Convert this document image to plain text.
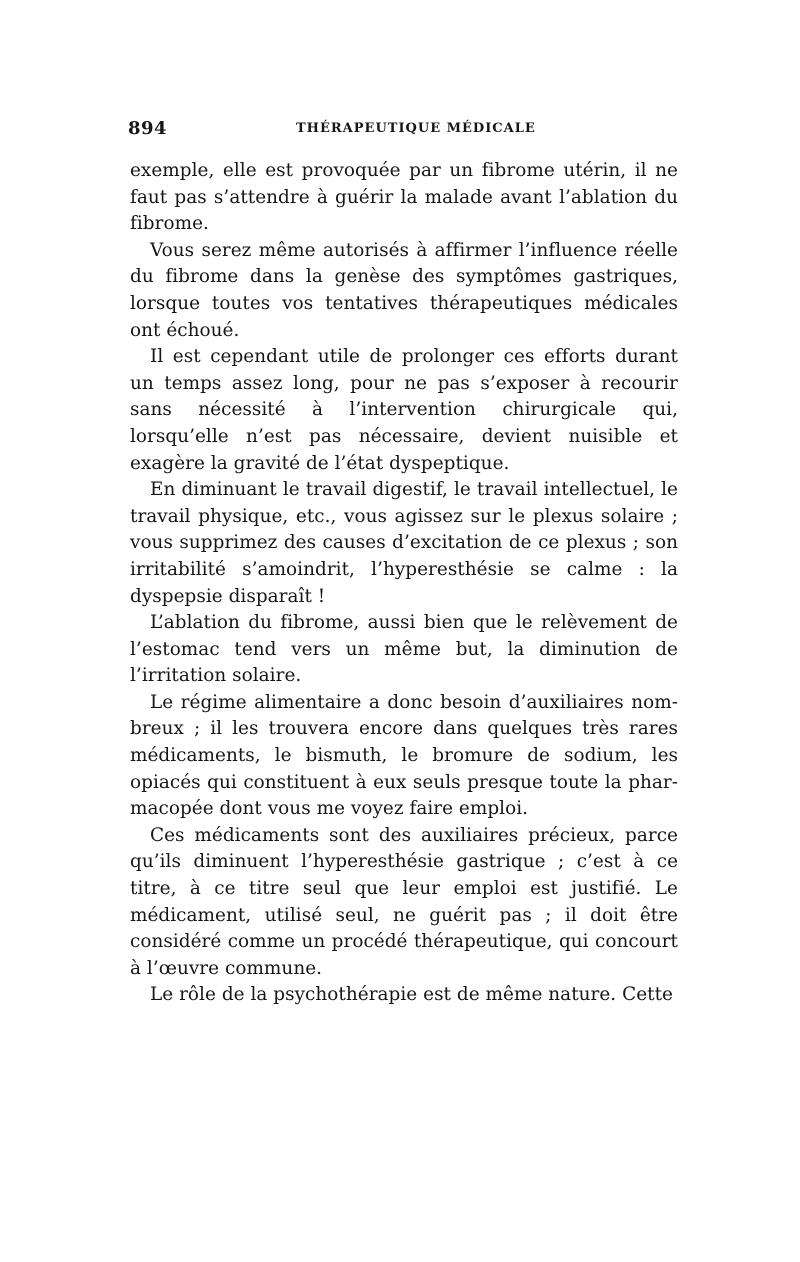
894	THÉRAPEUTIQUE MÉDICALE

exemple, elle est provoquée par un fibrome utérin, il ne faut pas s’attendre à guérir la malade avant l’ablation du fibrome.

Vous serez même autorisés à affirmer l’influence réelle du fibrome dans la genèse des symptômes gastriques, lorsque toutes vos tentatives thérapeutiques médicales ont échoué.

Il est cependant utile de prolonger ces efforts durant un temps assez long, pour ne pas s’exposer à recourir sans nécessité à l’intervention chirurgicale qui, lorsqu’elle n’est pas nécessaire, devient nuisible et exagère la gravité de l’état dyspeptique.

En diminuant le travail digestif, le travail intellectuel, le travail physique, etc., vous agissez sur le plexus solaire ; vous supprimez des causes d’excitation de ce plexus ; son irritabilité s’amoindrit, l’hyperesthésie se calme : la dyspepsie disparaît !

L’ablation du fibrome, aussi bien que le relèvement de l’estomac tend vers un même but, la diminution de l’irritation solaire.

Le régime alimentaire a donc besoin d’auxiliaires nombreux ; il les trouvera encore dans quelques très rares médicaments, le bismuth, le bromure de sodium, les opiacés qui constituent à eux seuls presque toute la pharmacopée dont vous me voyez faire emploi.

Ces médicaments sont des auxiliaires précieux, parce qu’ils diminuent l’hyperesthésie gastrique ; c’est à ce titre, à ce titre seul que leur emploi est justifié. Le médicament, utilisé seul, ne guérit pas ; il doit être considéré comme un procédé thérapeutique, qui concourt à l’œuvre commune.

Le rôle de la psychothérapie est de même nature. Cette
